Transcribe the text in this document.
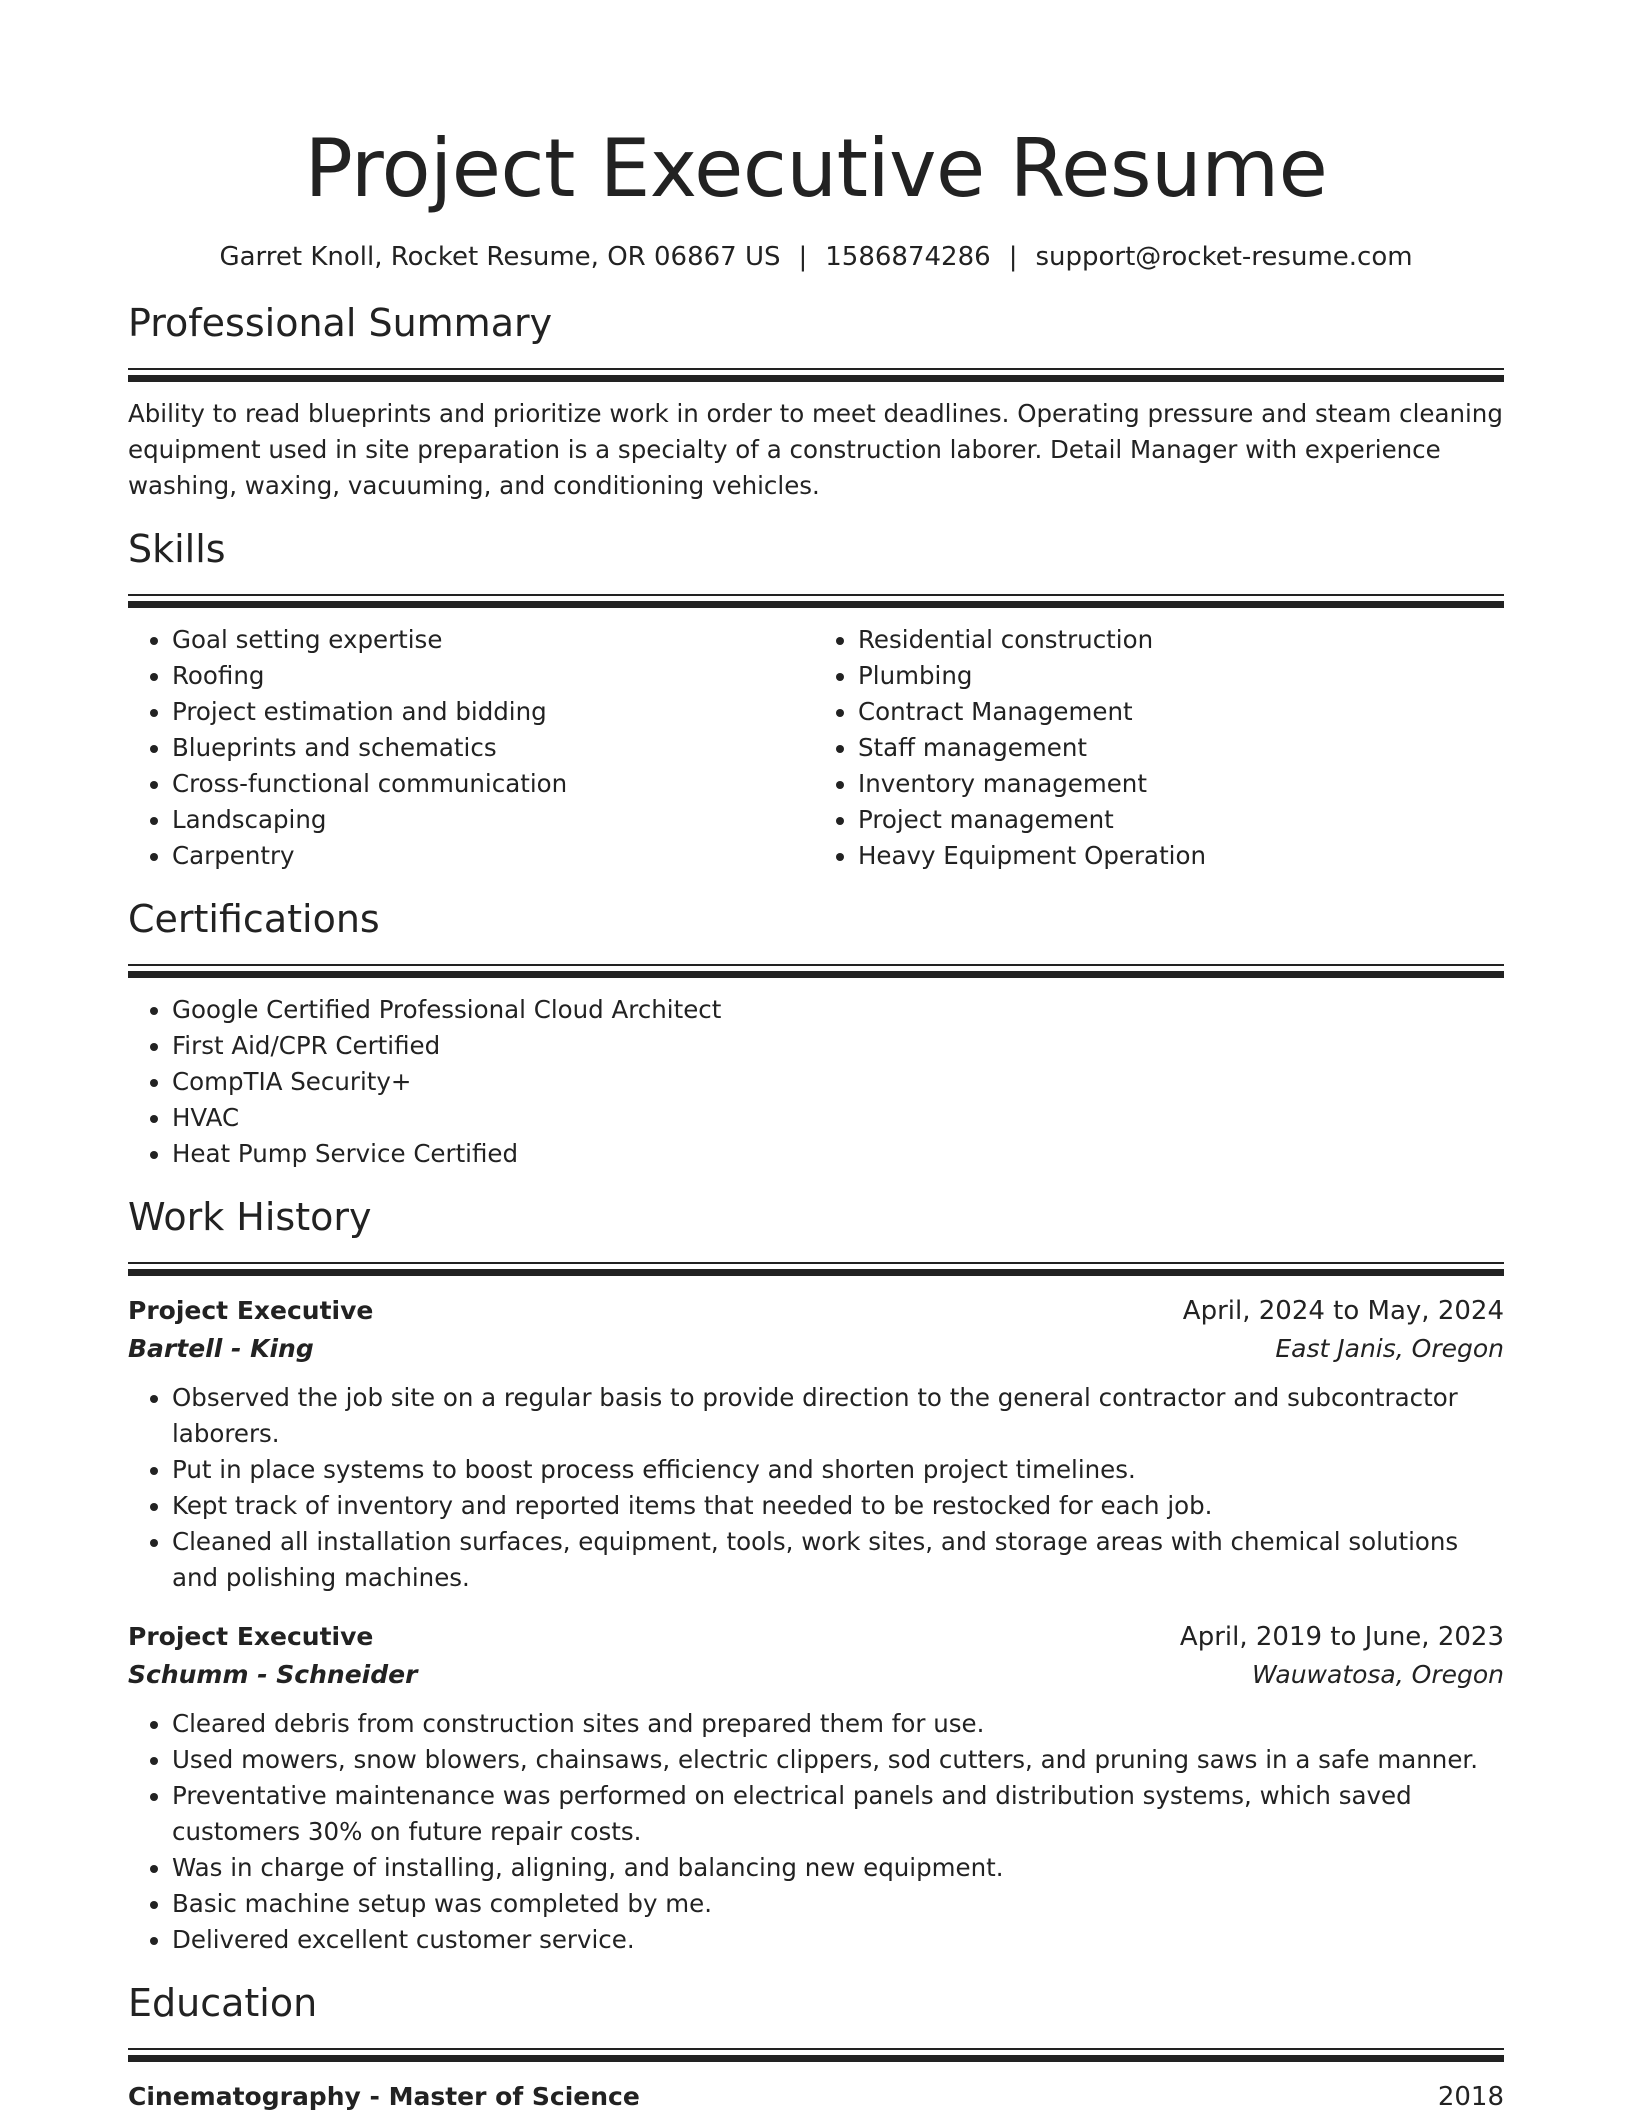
Project Executive Resume
Garret Knoll, Rocket Resume, OR 06867 US | 1586874286 | support@rocket-resume.com
Professional Summary

Ability to read blueprints and prioritize work in order to meet deadlines. Operating pressure and steam cleaning equipment used in site preparation is a specialty of a construction laborer. Detail Manager with experience washing, waxing, vacuuming, and conditioning vehicles.

Skills
• Goal setting expertise
• Roofing
• Project estimation and bidding
• Blueprints and schematics
• Cross-functional communication
• Landscaping
• Carpentry
• Residential construction
• Plumbing
• Contract Management
• Staff management
• Inventory management
• Project management
• Heavy Equipment Operation
Certifications
• Google Certified Professional Cloud Architect
• First Aid/CPR Certified
• CompTIA Security+
• HVAC
• Heat Pump Service Certified
Work History
Project Executive	April, 2024 to May, 2024
Bartell - King	East Janis, Oregon
• Observed the job site on a regular basis to provide direction to the general contractor and subcontractor laborers.
• Put in place systems to boost process efficiency and shorten project timelines.
• Kept track of inventory and reported items that needed to be restocked for each job.
• Cleaned all installation surfaces, equipment, tools, work sites, and storage areas with chemical solutions and polishing machines.
Project Executive	April, 2019 to June, 2023
Schumm - Schneider	Wauwatosa, Oregon
• Cleared debris from construction sites and prepared them for use.
• Used mowers, snow blowers, chainsaws, electric clippers, sod cutters, and pruning saws in a safe manner.
• Preventative maintenance was performed on electrical panels and distribution systems, which saved customers 30% on future repair costs.
• Was in charge of installing, aligning, and balancing new equipment.
• Basic machine setup was completed by me.
• Delivered excellent customer service.
Education
Cinematography - Master of Science	2018
